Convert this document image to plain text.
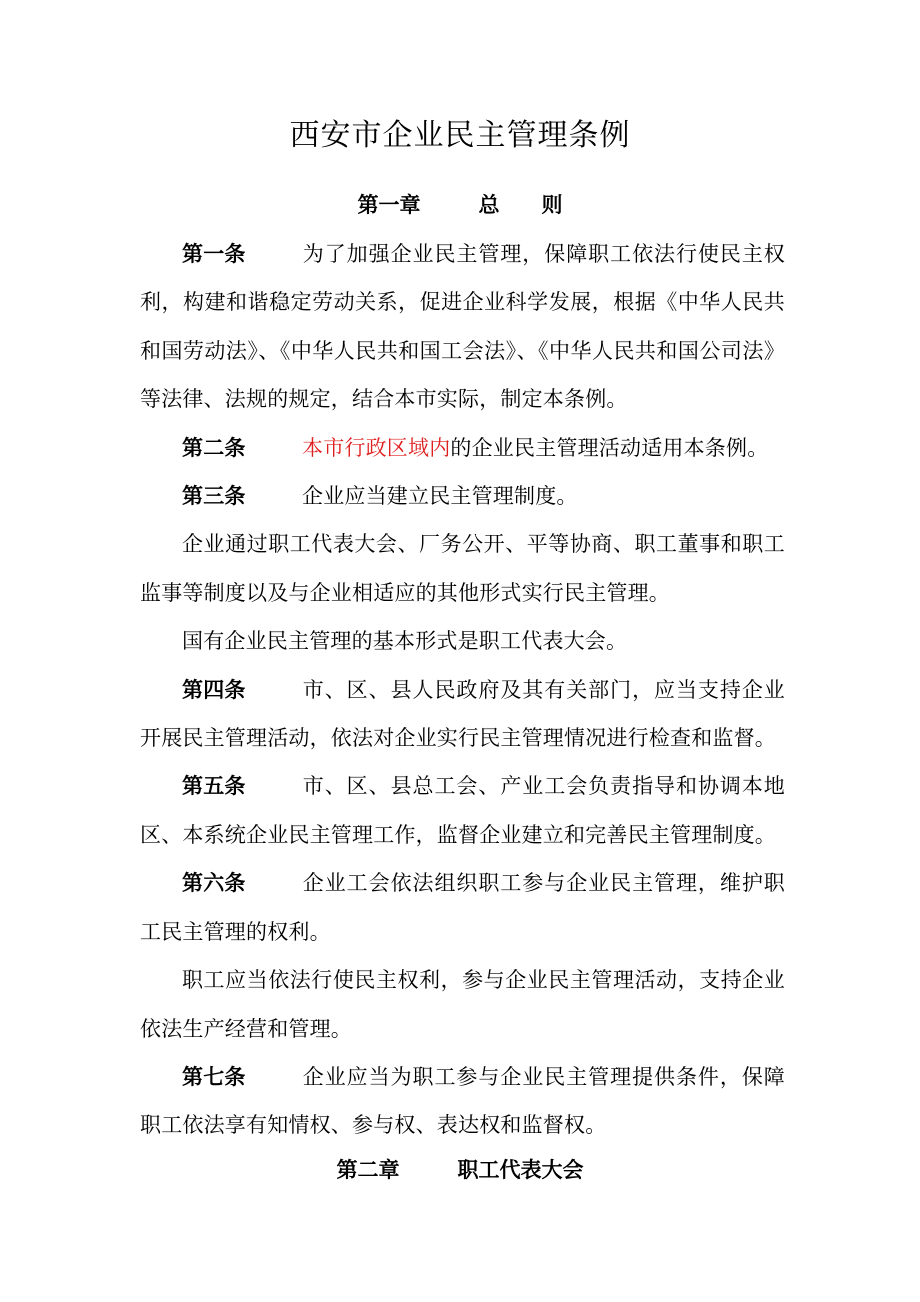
西安市企业民主管理条例
第一章	总　　则

第一条	为了加强企业民主管理，保障职工依法行使民主权利，构建和谐稳定劳动关系，促进企业科学发展，根据《中华人民共和国劳动法》、《中华人民共和国工会法》、《中华人民共和国公司法》等法律、法规的规定，结合本市实际，制定本条例。

第二条	本市行政区域内的企业民主管理活动适用本条例。

第三条	企业应当建立民主管理制度。

企业通过职工代表大会、厂务公开、平等协商、职工董事和职工监事等制度以及与企业相适应的其他形式实行民主管理。

国有企业民主管理的基本形式是职工代表大会。

第四条	市、区、县人民政府及其有关部门，应当支持企业开展民主管理活动，依法对企业实行民主管理情况进行检查和监督。

第五条	市、区、县总工会、产业工会负责指导和协调本地区、本系统企业民主管理工作，监督企业建立和完善民主管理制度。

第六条	企业工会依法组织职工参与企业民主管理，维护职工民主管理的权利。

职工应当依法行使民主权利，参与企业民主管理活动，支持企业依法生产经营和管理。

第七条	企业应当为职工参与企业民主管理提供条件，保障职工依法享有知情权、参与权、表达权和监督权。

第二章	职工代表大会
